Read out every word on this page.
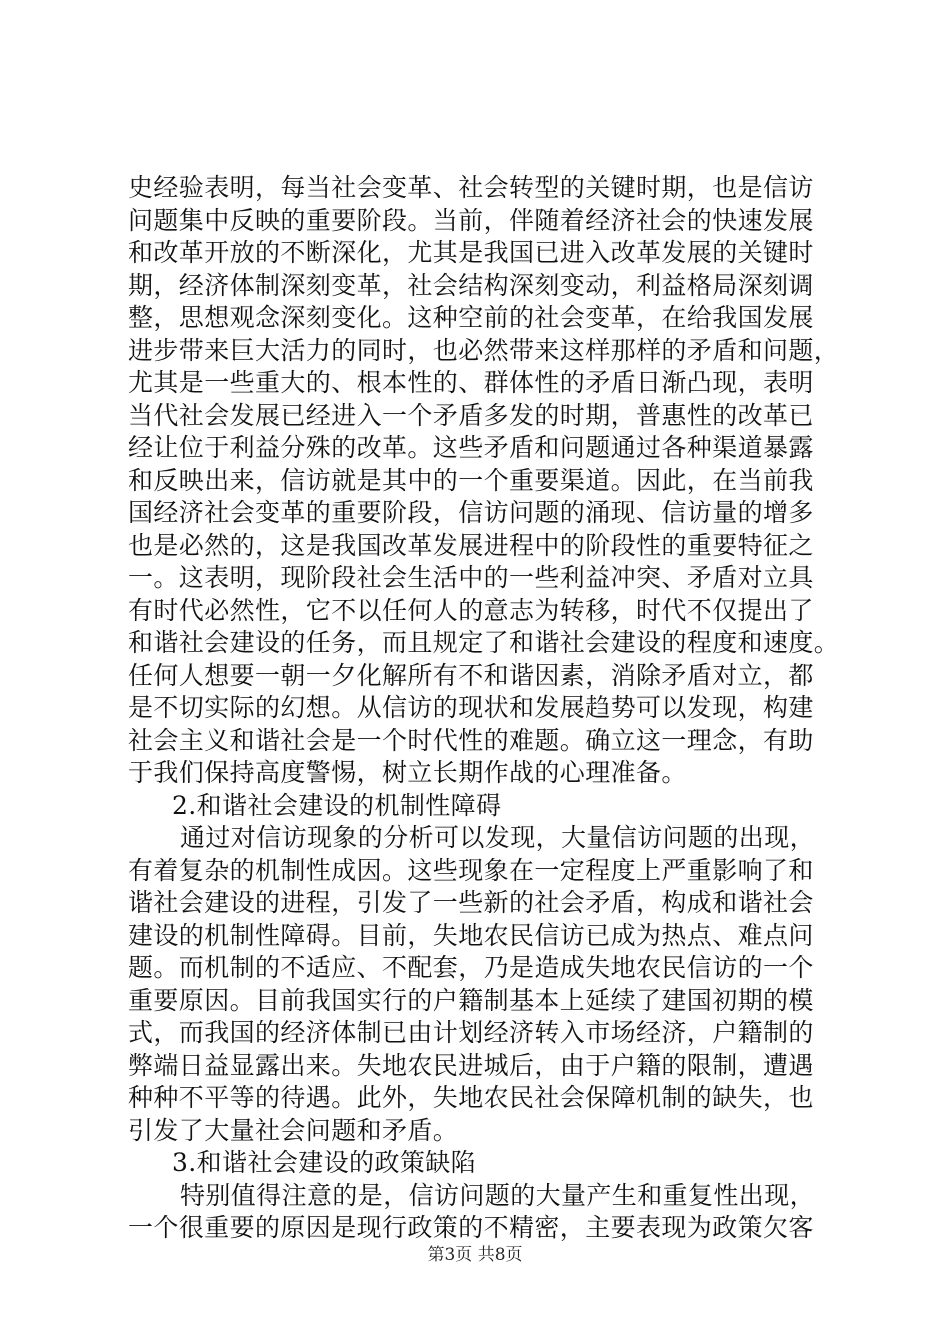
史经验表明，每当社会变革、社会转型的关键时期，也是信访
问题集中反映的重要阶段。当前，伴随着经济社会的快速发展
和改革开放的不断深化，尤其是我国已进入改革发展的关键时
期，经济体制深刻变革，社会结构深刻变动，利益格局深刻调
整，思想观念深刻变化。这种空前的社会变革，在给我国发展
进步带来巨大活力的同时，也必然带来这样那样的矛盾和问题，
尤其是一些重大的、根本性的、群体性的矛盾日渐凸现，表明
当代社会发展已经进入一个矛盾多发的时期，普惠性的改革已
经让位于利益分殊的改革。这些矛盾和问题通过各种渠道暴露
和反映出来，信访就是其中的一个重要渠道。因此，在当前我
国经济社会变革的重要阶段，信访问题的涌现、信访量的增多
也是必然的，这是我国改革发展进程中的阶段性的重要特征之
一。这表明，现阶段社会生活中的一些利益冲突、矛盾对立具
有时代必然性，它不以任何人的意志为转移，时代不仅提出了
和谐社会建设的任务，而且规定了和谐社会建设的程度和速度。
任何人想要一朝一夕化解所有不和谐因素，消除矛盾对立，都
是不切实际的幻想。从信访的现状和发展趋势可以发现，构建
社会主义和谐社会是一个时代性的难题。确立这一理念，有助
于我们保持高度警惕，树立长期作战的心理准备。
2.和谐社会建设的机制性障碍
通过对信访现象的分析可以发现，大量信访问题的出现，
有着复杂的机制性成因。这些现象在一定程度上严重影响了和
谐社会建设的进程，引发了一些新的社会矛盾，构成和谐社会
建设的机制性障碍。目前，失地农民信访已成为热点、难点问
题。而机制的不适应、不配套，乃是造成失地农民信访的一个
重要原因。目前我国实行的户籍制基本上延续了建国初期的模
式，而我国的经济体制已由计划经济转入市场经济，户籍制的
弊端日益显露出来。失地农民进城后，由于户籍的限制，遭遇
种种不平等的待遇。此外，失地农民社会保障机制的缺失，也
引发了大量社会问题和矛盾。
3.和谐社会建设的政策缺陷
特别值得注意的是，信访问题的大量产生和重复性出现，
一个很重要的原因是现行政策的不精密，主要表现为政策欠客
第3页 共8页
